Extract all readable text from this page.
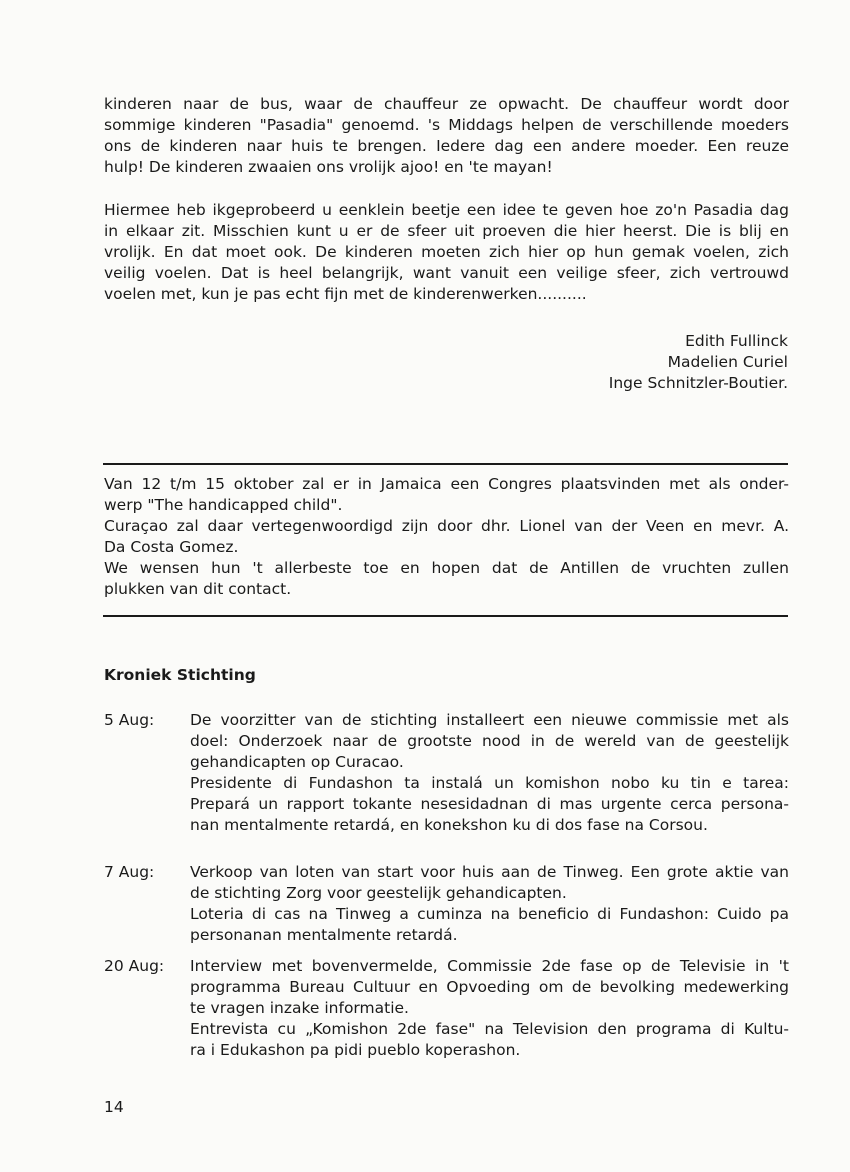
kinderen naar de bus, waar de chauffeur ze opwacht. De chauffeur wordt door
sommige kinderen "Pasadia" genoemd. 's Middags helpen de verschillende moeders
ons de kinderen naar huis te brengen. Iedere dag een andere moeder. Een reuze
hulp! De kinderen zwaaien ons vrolijk ajoo! en 'te mayan!
Hiermee heb ikgeprobeerd u eenklein beetje een idee te geven hoe zo'n Pasadia dag
in elkaar zit. Misschien kunt u er de sfeer uit proeven die hier heerst. Die is blij en
vrolijk. En dat moet ook. De kinderen moeten zich hier op hun gemak voelen, zich
veilig voelen. Dat is heel belangrijk, want vanuit een veilige sfeer, zich vertrouwd
voelen met, kun je pas echt fijn met de kinderenwerken..........
Edith Fullinck
Madelien Curiel
Inge Schnitzler-Boutier.
Van 12 t/m 15 oktober zal er in Jamaica een Congres plaatsvinden met als onder-
werp "The handicapped child".
Curaçao zal daar vertegenwoordigd zijn door dhr. Lionel van der Veen en mevr. A.
Da Costa Gomez.
We wensen hun 't allerbeste toe en hopen dat de Antillen de vruchten zullen
plukken van dit contact.
Kroniek Stichting
5 Aug:	De voorzitter van de stichting installeert een nieuwe commissie met als
doel: Onderzoek naar de grootste nood in de wereld van de geestelijk
gehandicapten op Curacao.
Presidente di Fundashon ta instalá un komishon nobo ku tin e tarea:
Prepará un rapport tokante nesesidadnan di mas urgente cerca persona-
nan mentalmente retardá, en konekshon ku di dos fase na Corsou.
7 Aug:	Verkoop van loten van start voor huis aan de Tinweg. Een grote aktie van
de stichting Zorg voor geestelijk gehandicapten.
Loteria di cas na Tinweg a cuminza na beneficio di Fundashon: Cuido pa
personanan mentalmente retardá.
20 Aug:	Interview met bovenvermelde, Commissie 2de fase op de Televisie in 't
programma Bureau Cultuur en Opvoeding om de bevolking medewerking
te vragen inzake informatie.
Entrevista cu „Komishon 2de fase" na Television den programa di Kultu-
ra i Edukashon pa pidi pueblo koperashon.
14
